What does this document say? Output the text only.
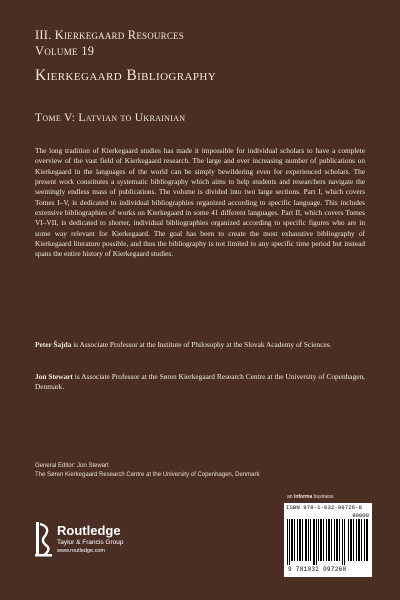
III. Kierkegaard Resources
Volume 19
Kierkegaard Bibliography
Tome V: Latvian to Ukrainian
The long tradition of Kierkegaard studies has made it impossible for individual scholars to have a complete overview of the vast field of Kierkegaard research. The large and ever increasing number of publications on Kierkegaard in the languages of the world can be simply bewildering even for experienced scholars. The present work constitutes a systematic bibliography which aims to help students and researchers navigate the seemingly endless mass of publications. The volume is divided into two large sections. Part I, which covers Tomes I–V, is dedicated to individual bibliographies organized according to specific language. This includes extensive bibliographies of works on Kierkegaard in some 41 different languages. Part II, which covers Tomes VI–VII, is dedicated to shorter, individual bibliographies organized according to specific figures who are in some way relevant for Kierkegaard. The goal has been to create the most exhaustive bibliography of Kierkegaard literature possible, and thus the bibliography is not limited to any specific time period but instead spans the entire history of Kierkegaard studies.
Peter Šajda is Associate Professor at the Institute of Philosophy at the Slovak Academy of Sciences.
Jon Stewart is Associate Professor at the Søren Kierkegaard Research Centre at the University of Copenhagen, Denmark.
General Editor: Jon Stewart
The Søren Kierkegaard Research Centre at the University of Copenhagen, Denmark
an informa business
Routledge
Taylor & Francis Group
www.routledge.com
ISBN 978-1-032-09726-8
90000
9 781032 097268
